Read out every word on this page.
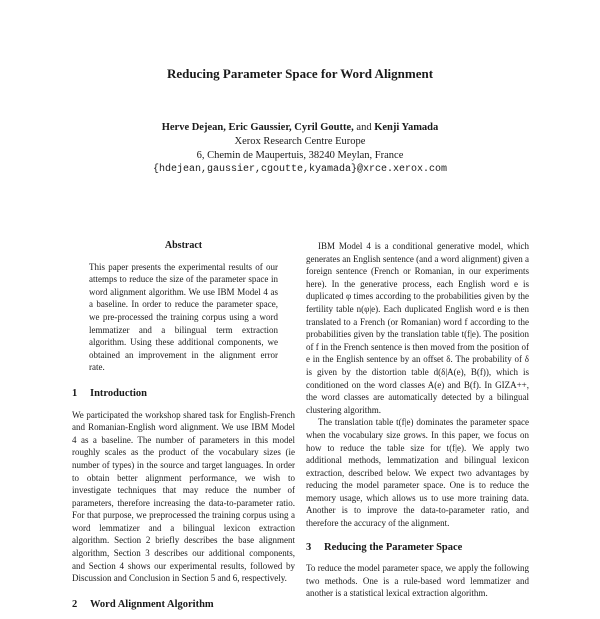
Reducing Parameter Space for Word Alignment
Herve Dejean, Eric Gaussier, Cyril Goutte, and Kenji Yamada
Xerox Research Centre Europe
6, Chemin de Maupertuis, 38240 Meylan, France
{hdejean,gaussier,cgoutte,kyamada}@xrce.xerox.com
Abstract

This paper presents the experimental results of our attemps to reduce the size of the parameter space in word alignment algorithm. We use IBM Model 4 as a baseline. In order to reduce the parameter space, we pre-processed the training corpus using a word lemmatizer and a bilingual term extraction algorithm. Using these additional components, we obtained an improvement in the alignment error rate.

1 Introduction

We participated the workshop shared task for English-French and Romanian-English word alignment. We use IBM Model 4 as a baseline. The number of parameters in this model roughly scales as the product of the vocabulary sizes (ie number of types) in the source and target languages. In order to obtain better alignment performance, we wish to investigate techniques that may reduce the number of parameters, therefore increasing the data-to-parameter ratio. For that purpose, we preprocessed the training corpus using a word lemmatizer and a bilingual lexicon extraction algorithm. Section 2 briefly describes the base alignment algorithm, Section 3 describes our additional components, and Section 4 shows our experimental results, followed by Discussion and Conclusion in Section 5 and 6, respectively.

2 Word Alignment Algorithm

IBM Model 4 is a conditional generative model, which generates an English sentence (and a word alignment) given a foreign sentence (French or Romanian, in our experiments here). In the generative process, each English word e is duplicated φ times according to the probabilities given by the fertility table n(φ|e). Each duplicated English word e is then translated to a French (or Romanian) word f according to the probabilities given by the translation table t(f|e). The position of f in the French sentence is then moved from the position of e in the English sentence by an offset δ. The probability of δ is given by the distortion table d(δ|A(e), B(f)), which is conditioned on the word classes A(e) and B(f). In GIZA++, the word classes are automatically detected by a bilingual clustering algorithm.

The translation table t(f|e) dominates the parameter space when the vocabulary size grows. In this paper, we focus on how to reduce the table size for t(f|e). We apply two additional methods, lemmatization and bilingual lexicon extraction, described below. We expect two advantages by reducing the model parameter space. One is to reduce the memory usage, which allows us to use more training data. Another is to improve the data-to-parameter ratio, and therefore the accuracy of the alignment.

3 Reducing the Parameter Space

To reduce the model parameter space, we apply the following two methods. One is a rule-based word lemmatizer and another is a statistical lexical extraction algorithm.
